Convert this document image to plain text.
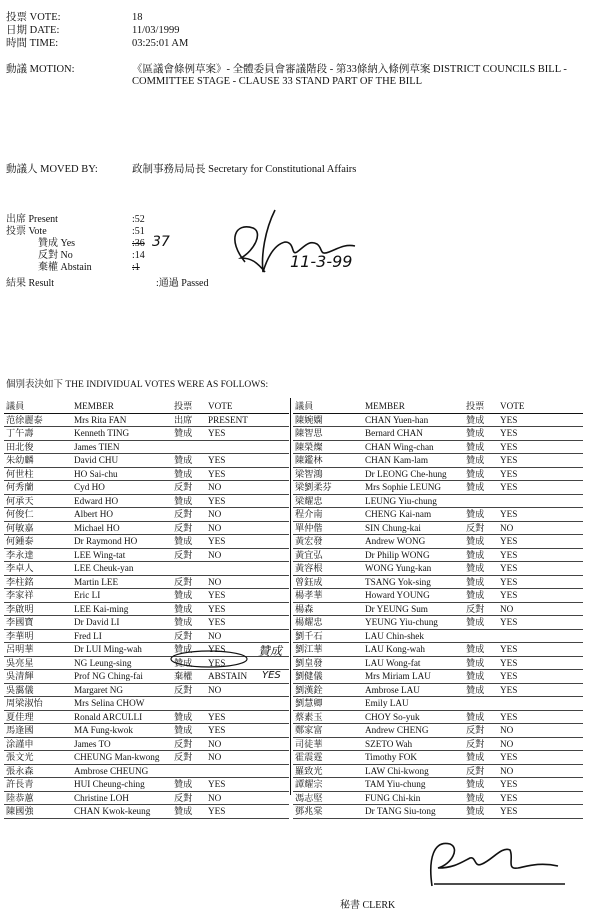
投票 VOTE:	18
日期 DATE:	11/03/1999
時間 TIME:	03:25:01 AM
動議 MOTION:	《區議會條例草案》- 全體委員會審議階段 - 第33條納入條例草案 DISTRICT COUNCILS BILL - COMMITTEE STAGE - CLAUSE 33 STAND PART OF THE BILL
動議人 MOVED BY:	政制事務局局長 Secretary for Constitutional Affairs
出席 Present	:52
投票 Vote	:51
贊成 Yes	:36 37
反對 No	:14
棄權 Abstain	:1
結果 Result	:通過 Passed
11-3-99
個別表決如下 THE INDIVIDUAL VOTES WERE AS FOLLOWS:
議員	MEMBER	投票 VOTE
范徐麗泰	Mrs Rita FAN	出席 PRESENT
丁午壽	Kenneth TING	贊成 YES
田北俊	James TIEN
朱幼麟	David CHU	贊成 YES
何世柱	HO Sai-chu	贊成 YES
何秀蘭	Cyd HO	反對 NO
何承天	Edward HO	贊成 YES
何俊仁	Albert HO	反對 NO
何敏嘉	Michael HO	反對 NO
何鍾泰	Dr Raymond HO	贊成 YES
李永達	LEE Wing-tat	反對 NO
李卓人	LEE Cheuk-yan
李柱銘	Martin LEE	反對 NO
李家祥	Eric LI	贊成 YES
李啟明	LEE Kai-ming	贊成 YES
李國寶	Dr David LI	贊成 YES
李華明	Fred LI	反對 NO
呂明華	Dr LUI Ming-wah	贊成 YES
吳亮星	NG Leung-sing	贊成 YES
吳清輝	Prof NG Ching-fai	棄權 ABSTAIN
吳靄儀	Margaret NG	反對 NO
周梁淑怡	Mrs Selina CHOW
夏佳理	Ronald ARCULLI	贊成 YES
馬逢國	MA Fung-kwok	贊成 YES
涂謹申	James TO	反對 NO
張文光	CHEUNG Man-kwong 反對 NO
張永森	Ambrose CHEUNG
許長青	HUI Cheung-ching	贊成 YES
陸恭蕙	Christine LOH	反對 NO
陳國強	CHAN Kwok-keung	贊成 YES
議員	MEMBER	投票 VOTE
陳婉嫻	CHAN Yuen-han	贊成 YES
陳智思	Bernard CHAN	贊成 YES
陳榮燦	CHAN Wing-chan	贊成 YES
陳鑑林	CHAN Kam-lam	贊成 YES
梁智鴻	Dr LEONG Che-hung 贊成 YES
梁劉柔芬	Mrs Sophie LEUNG	贊成 YES
梁耀忠	LEUNG Yiu-chung
程介南	CHENG Kai-nam	贊成 YES
單仲偕	SIN Chung-kai	反對 NO
黃宏發	Andrew WONG	贊成 YES
黃宜弘	Dr Philip WONG	贊成 YES
黃容根	WONG Yung-kan	贊成 YES
曾鈺成	TSANG Yok-sing	贊成 YES
楊孝華	Howard YOUNG	贊成 YES
楊森	Dr YEUNG Sum	反對 NO
楊耀忠	YEUNG Yiu-chung	贊成 YES
劉千石	LAU Chin-shek
劉江華	LAU Kong-wah	贊成 YES
劉皇發	LAU Wong-fat	贊成 YES
劉健儀	Mrs Miriam LAU	贊成 YES
劉漢銓	Ambrose LAU	贊成 YES
劉慧卿	Emily LAU
蔡素玉	CHOY So-yuk	贊成 YES
鄭家富	Andrew CHENG	反對 NO
司徒華	SZETO Wah	反對 NO
霍震霆	Timothy FOK	贊成 YES
羅致光	LAW Chi-kwong	反對 NO
譚耀宗	TAM Yiu-chung	贊成 YES
馮志堅	FUNG Chi-kin	贊成 YES
鄧兆棠	Dr TANG Siu-tong	贊成 YES
贊成
YES
秘書 CLERK
